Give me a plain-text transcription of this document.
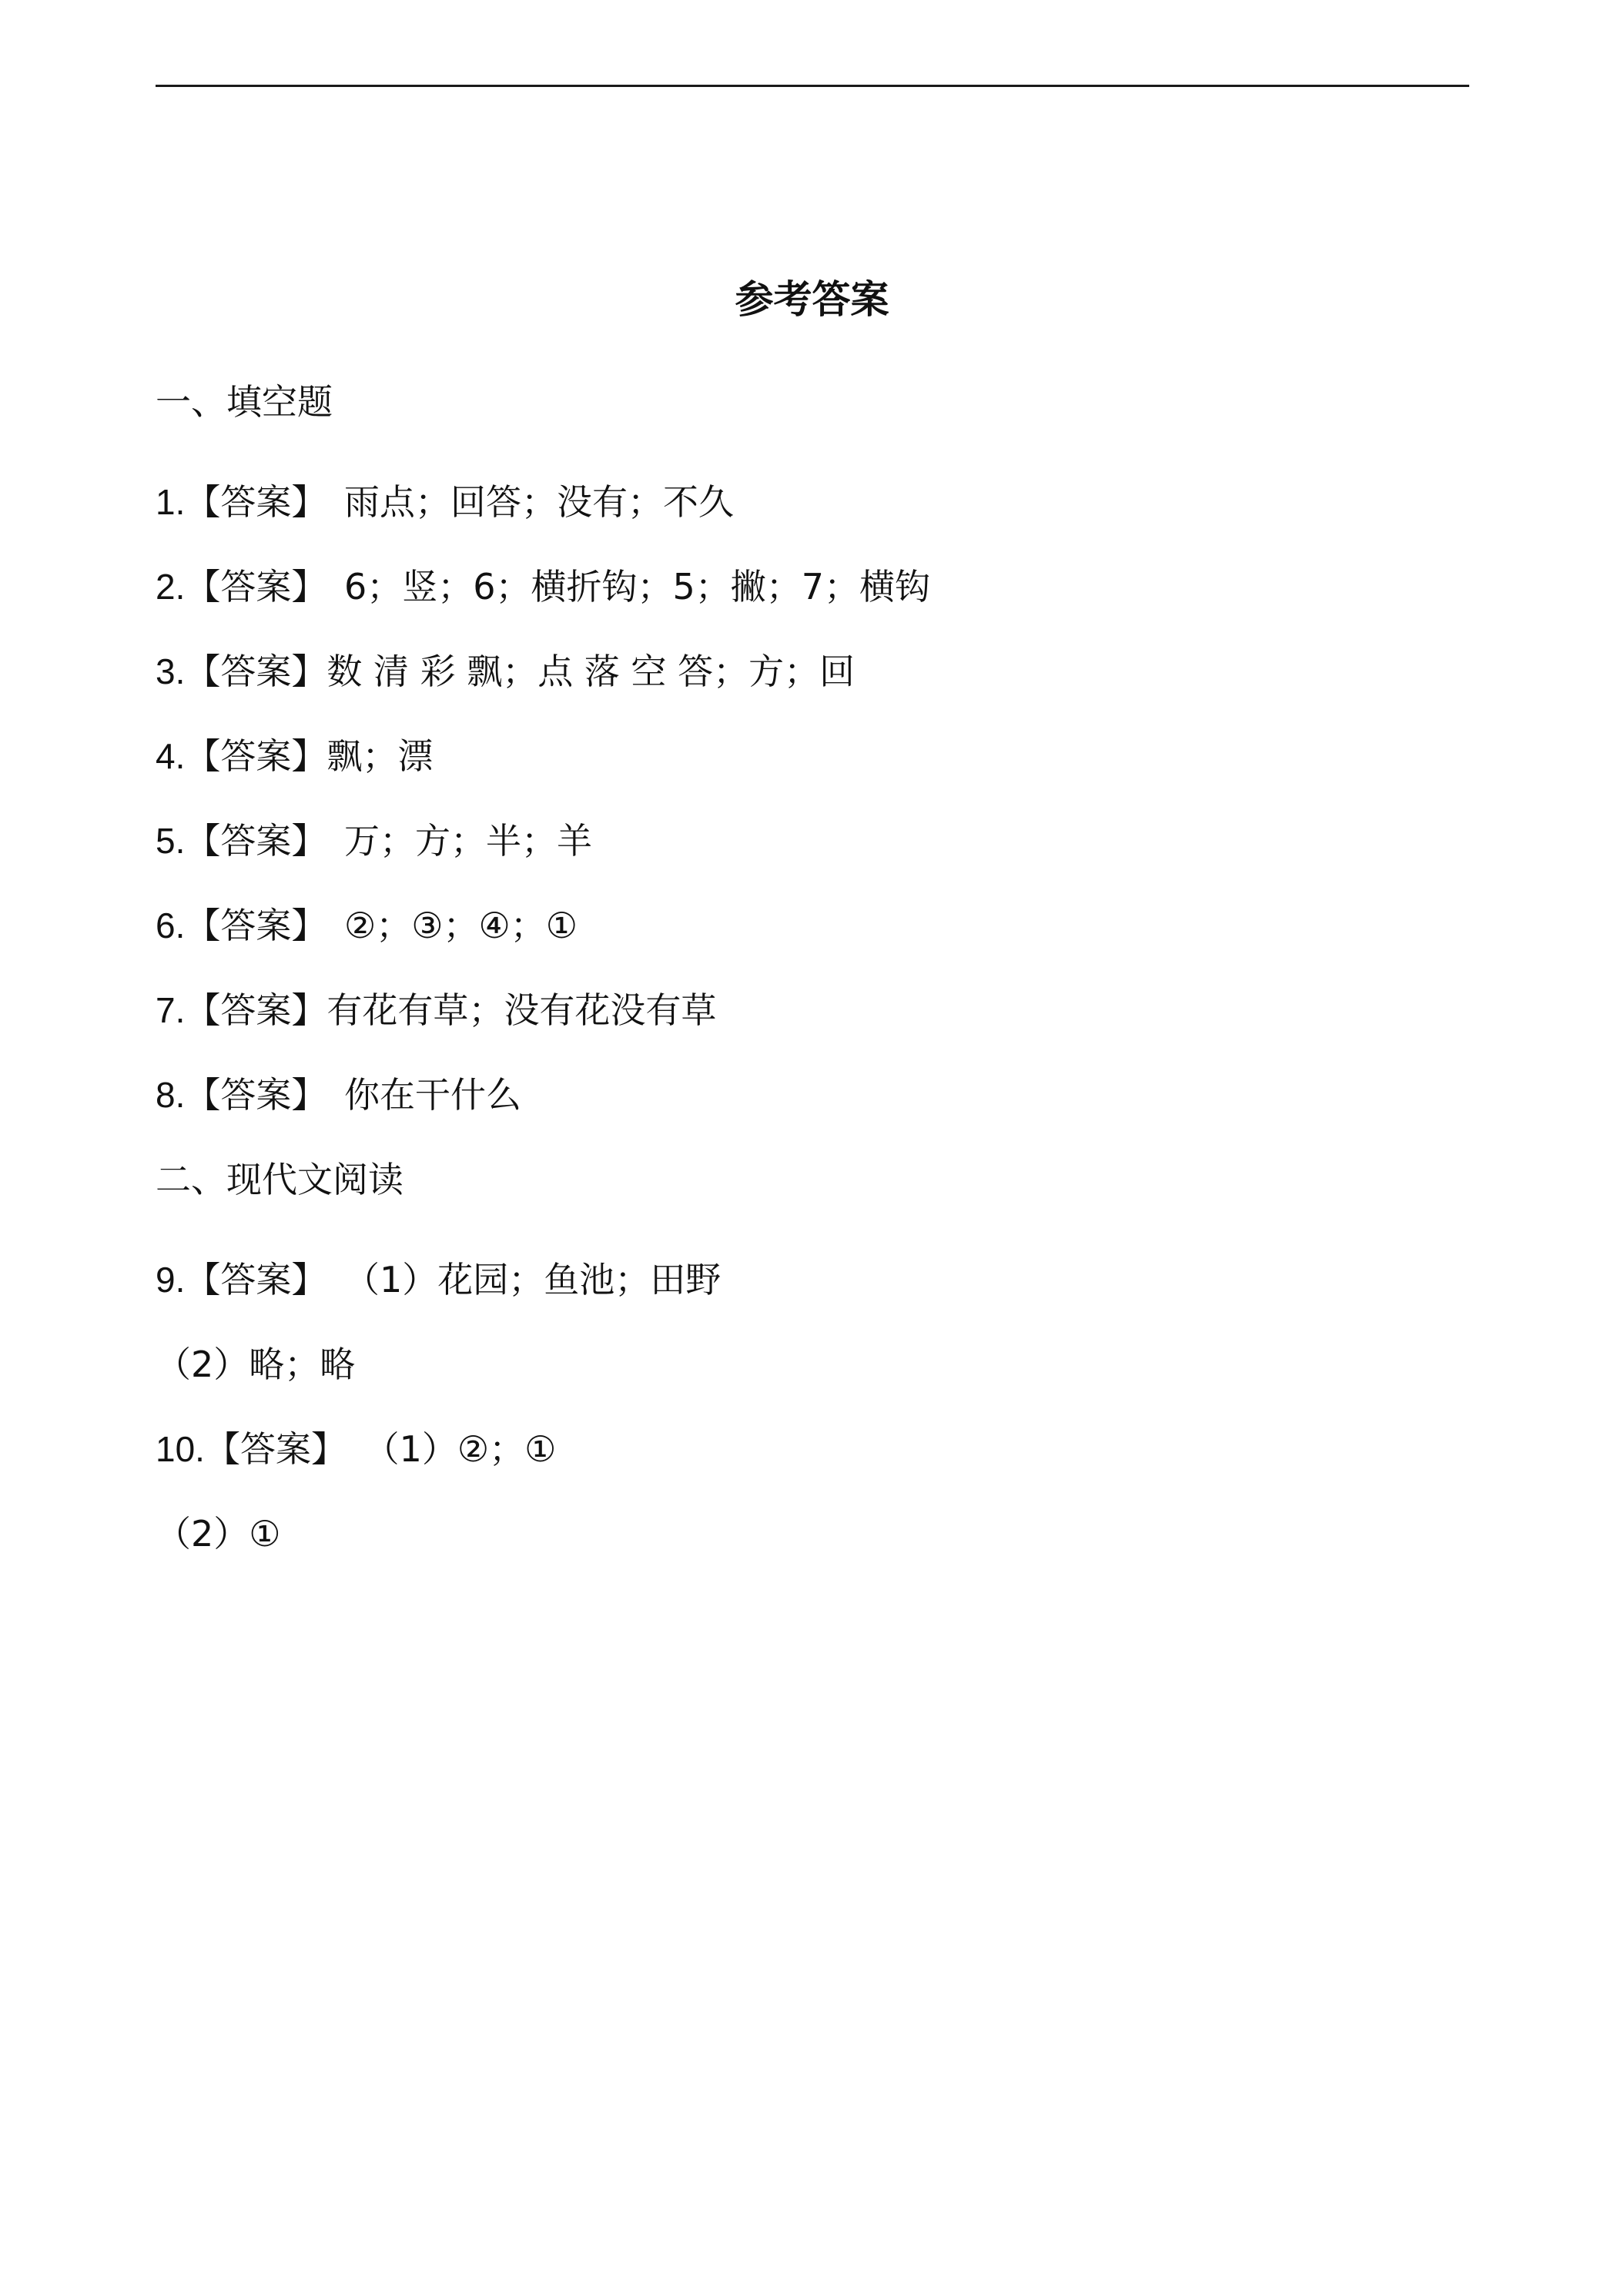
参考答案
一、填空题
1.【答案】 雨点；回答；没有；不久
2.【答案】 6；竖；6；横折钩；5；撇；7；横钩
3.【答案】数 清 彩 飘；点 落 空 答；方；回
4.【答案】飘；漂
5.【答案】 万；方；半；羊
6.【答案】 ②；③；④；①
7.【答案】有花有草；没有花没有草
8.【答案】 你在干什么
二、现代文阅读
9.【答案】 （1）花园；鱼池；田野
（2）略；略
10.【答案】 （1）②；①
（2）①
